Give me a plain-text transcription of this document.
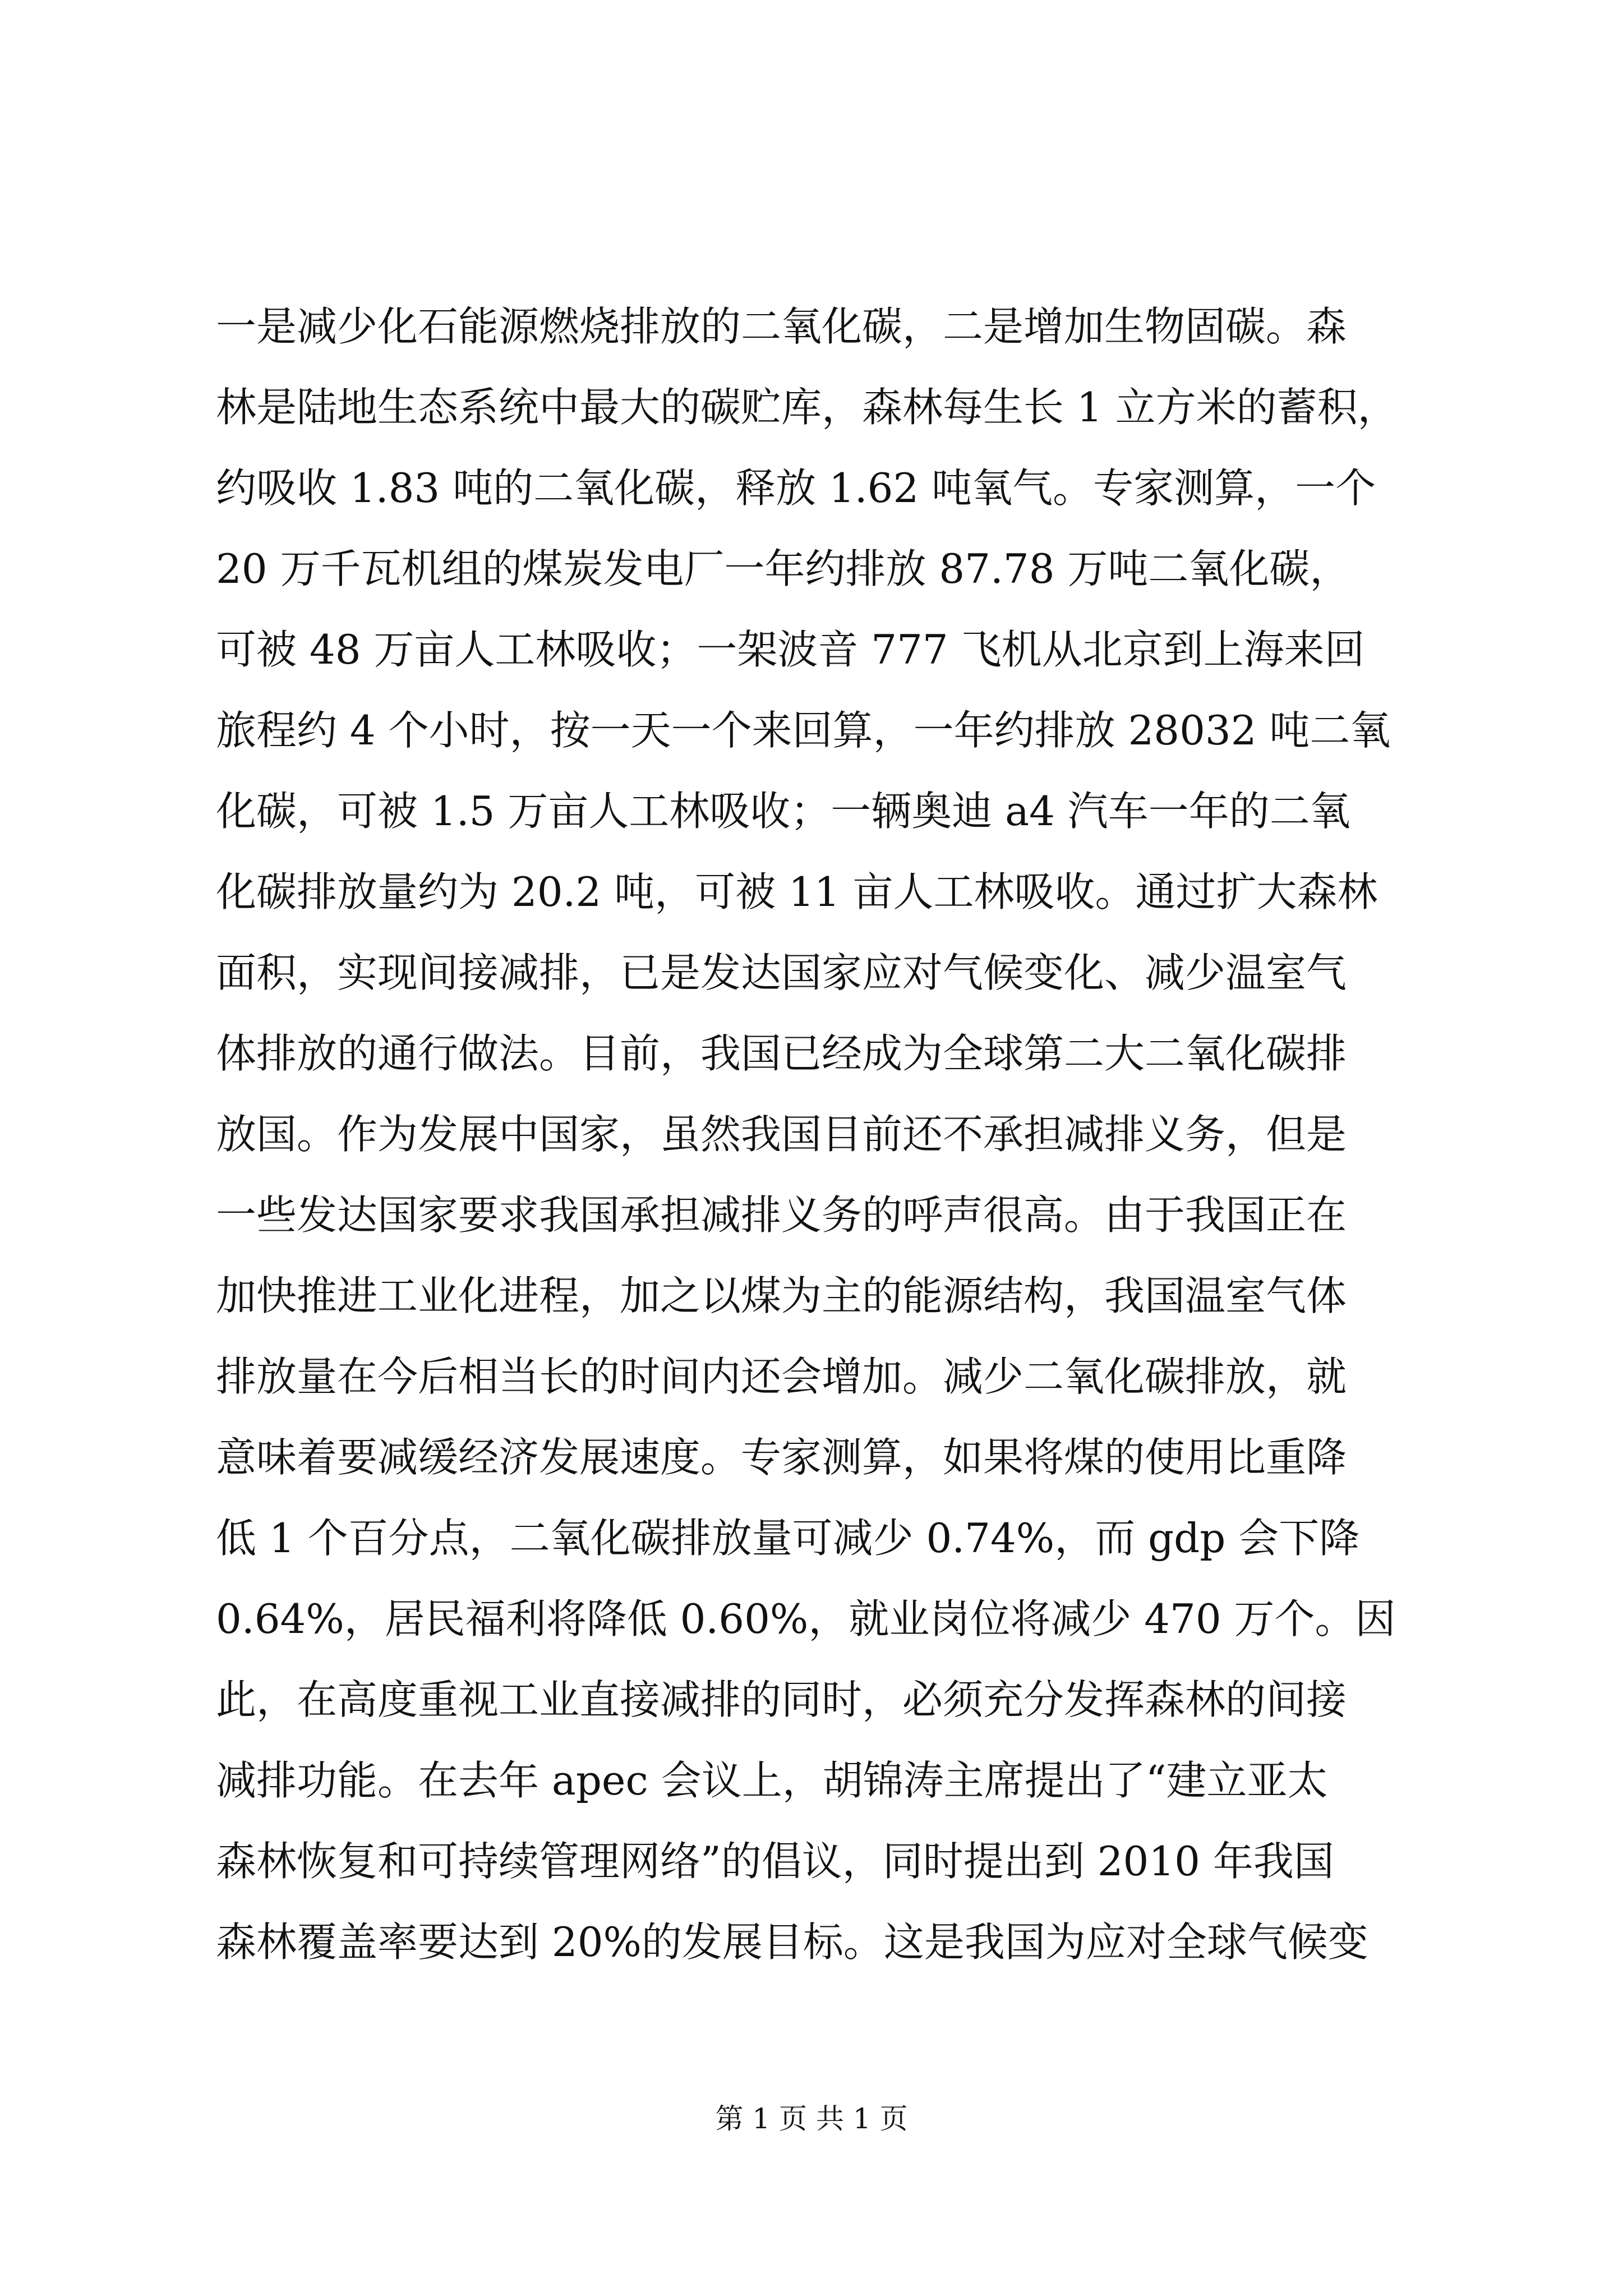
一是减少化石能源燃烧排放的二氧化碳，二是增加生物固碳。森
林是陆地生态系统中最大的碳贮库，森林每生长 1 立方米的蓄积，
约吸收 1.83 吨的二氧化碳，释放 1.62 吨氧气。专家测算，一个
20 万千瓦机组的煤炭发电厂一年约排放 87.78 万吨二氧化碳，
可被 48 万亩人工林吸收；一架波音 777 飞机从北京到上海来回
旅程约 4 个小时，按一天一个来回算，一年约排放 28032 吨二氧
化碳，可被 1.5 万亩人工林吸收；一辆奥迪 a4 汽车一年的二氧
化碳排放量约为 20.2 吨，可被 11 亩人工林吸收。通过扩大森林
面积，实现间接减排，已是发达国家应对气候变化、减少温室气
体排放的通行做法。目前，我国已经成为全球第二大二氧化碳排
放国。作为发展中国家，虽然我国目前还不承担减排义务，但是
一些发达国家要求我国承担减排义务的呼声很高。由于我国正在
加快推进工业化进程，加之以煤为主的能源结构，我国温室气体
排放量在今后相当长的时间内还会增加。减少二氧化碳排放，就
意味着要减缓经济发展速度。专家测算，如果将煤的使用比重降
低 1 个百分点，二氧化碳排放量可减少 0.74%，而 gdp 会下降
0.64%，居民福利将降低 0.60%，就业岗位将减少 470 万个。因
此，在高度重视工业直接减排的同时，必须充分发挥森林的间接
减排功能。在去年 apec 会议上，胡锦涛主席提出了“建立亚太
森林恢复和可持续管理网络”的倡议，同时提出到 2010 年我国
森林覆盖率要达到 20%的发展目标。这是我国为应对全球气候变
第 1 页 共 1 页
